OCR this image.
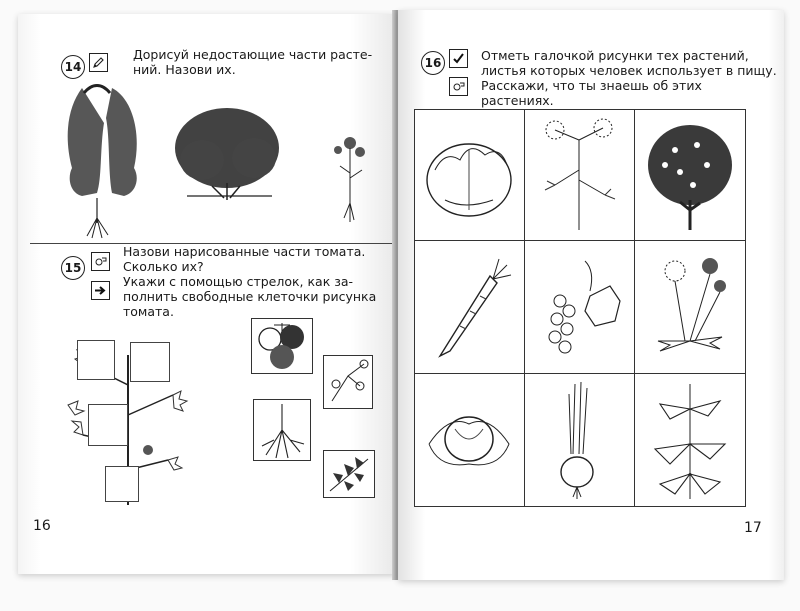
14
Дорисуй недостающие части расте-
ний. Назови их.
15
Назови нарисованные части томата.
Сколько их?
Укажи с помощью стрелок, как за-
полнить свободные клеточки рисунка
томата.
16
16	Отметь галочкой рисунки тех растений,
листья которых человек использует в пищу.
Расскажи, что ты знаешь об этих
растениях.
17
